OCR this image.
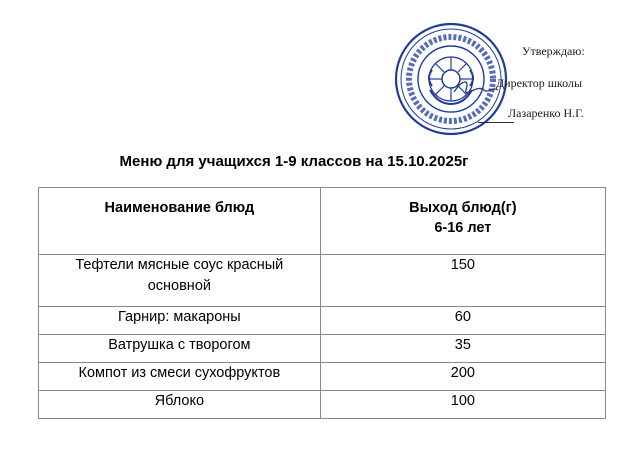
Утверждаю:
Директор школы
Лазаренко Н.Г.
Меню для учащихся 1-9 классов на 15.10.2025г
Наименование блюд	Выход блюд(г)
6-16 лет

Тефтели мясные соус красный
основной	150
Гарнир: макароны	60
Ватрушка с творогом	35
Компот из смеси сухофруктов	200
Яблоко	100
